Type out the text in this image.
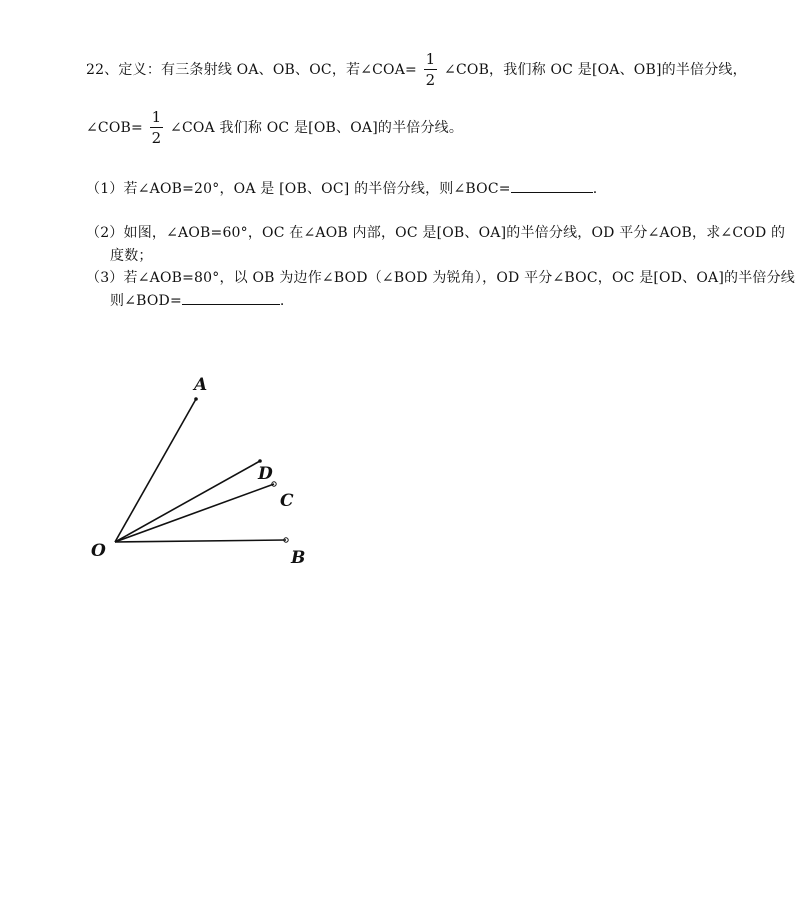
22、定义：有三条射线 OA、OB、OC，若∠COA= $\frac{1}{2}$ ∠COB，我们称 OC 是[OA、OB]的半倍分线，
∠COB= $\frac{1}{2}$ ∠COA 我们称 OC 是[OB、OA]的半倍分线。
（1）若∠AOB=20°，OA 是 [OB、OC] 的半倍分线，则∠BOC=	.
（2）如图，∠AOB=60°，OC 在∠AOB 内部，OC 是[OB、OA]的半倍分线，OD 平分∠AOB，求∠COD 的
度数；
（3）若∠AOB=80°，以 OB 为边作∠BOD（∠BOD 为锐角），OD 平分∠BOC，OC 是[OD、OA]的半倍分线
则∠BOD=	.
O
A
D
C
B
